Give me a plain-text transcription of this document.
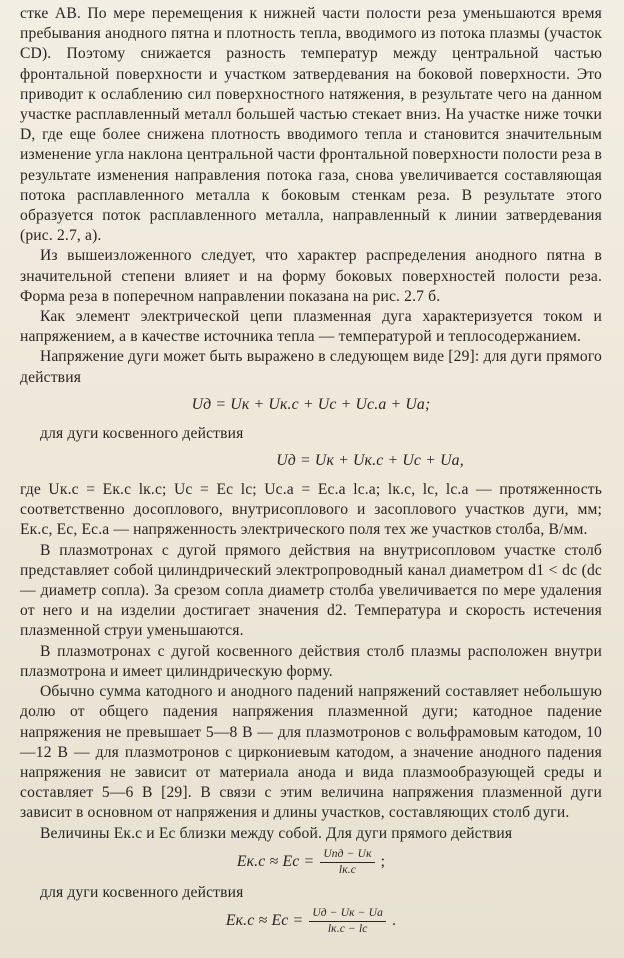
стке AB. По мере перемещения к нижней части полости реза уменьшаются время пребывания анодного пятна и плотность тепла, вводимого из потока плазмы (участок CD). Поэтому снижается разность температур между центральной частью фронтальной поверхности и участком затвердевания на боковой поверхности. Это приводит к ослаблению сил поверхностного натяжения, в результате чего на данном участке расплавленный металл большей частью стекает вниз. На участке ниже точки D, где еще более снижена плотность вводимого тепла и становится значительным изменение угла наклона центральной части фронтальной поверхности полости реза в результате изменения направления потока газа, снова увеличивается составляющая потока расплавленного металла к боковым стенкам реза. В результате этого образуется поток расплавленного металла, направленный к линии затвердевания (рис. 2.7, а).

Из вышеизложенного следует, что характер распределения анодного пятна в значительной степени влияет и на форму боковых поверхностей полости реза. Форма реза в поперечном направлении показана на рис. 2.7 б.

Как элемент электрической цепи плазменная дуга характеризуется током и напряжением, а в качестве источника тепла — температурой и теплосодержанием.

Напряжение дуги может быть выражено в следующем виде [29]: для дуги прямого действия

Uд = Uк + Uк.с + Uс + Uс.а + Uа;

для дуги косвенного действия

Uд = Uк + Uк.с + Uс + Uа,

где Uк.с = Eк.с lк.с; Uс = Eс lс; Uс.а = Eс.а lс.а; lк.с, lс, lс.а — протяженность соответственно досоплового, внутрисоплового и засоплового участков дуги, мм; Eк.с, Eс, Eс.а — напряженность электрического поля тех же участков столба, В/мм.

В плазмотронах с дугой прямого действия на внутрисопловом участке столб представляет собой цилиндрический электропроводный канал диаметром d1 < dс (dс — диаметр сопла). За срезом сопла диаметр столба увеличивается по мере удаления от него и на изделии достигает значения d2. Температура и скорость истечения плазменной струи уменьшаются.

В плазмотронах с дугой косвенного действия столб плазмы расположен внутри плазмотрона и имеет цилиндрическую форму.

Обычно сумма катодного и анодного падений напряжений составляет небольшую долю от общего падения напряжения плазменной дуги; катодное падение напряжения не превышает 5—8 В — для плазмотронов с вольфрамовым катодом, 10—12 В — для плазмотронов с циркониевым катодом, а значение анодного падения напряжения не зависит от материала анода и вида плазмообразующей среды и составляет 5—6 В [29]. В связи с этим величина напряжения плазменной дуги зависит в основном от напряжения и длины участков, составляющих столб дуги.

Величины Eк.с и Eс близки между собой. Для дуги прямого действия

Eк.с ≈ Eс = $\frac{\text{Uпд − Uк}}{lк.с}$ ;

для дуги косвенного действия

Eк.с ≈ Eс = $\frac{Uд - Uк - Uа}{lк.с - lс}$ .
